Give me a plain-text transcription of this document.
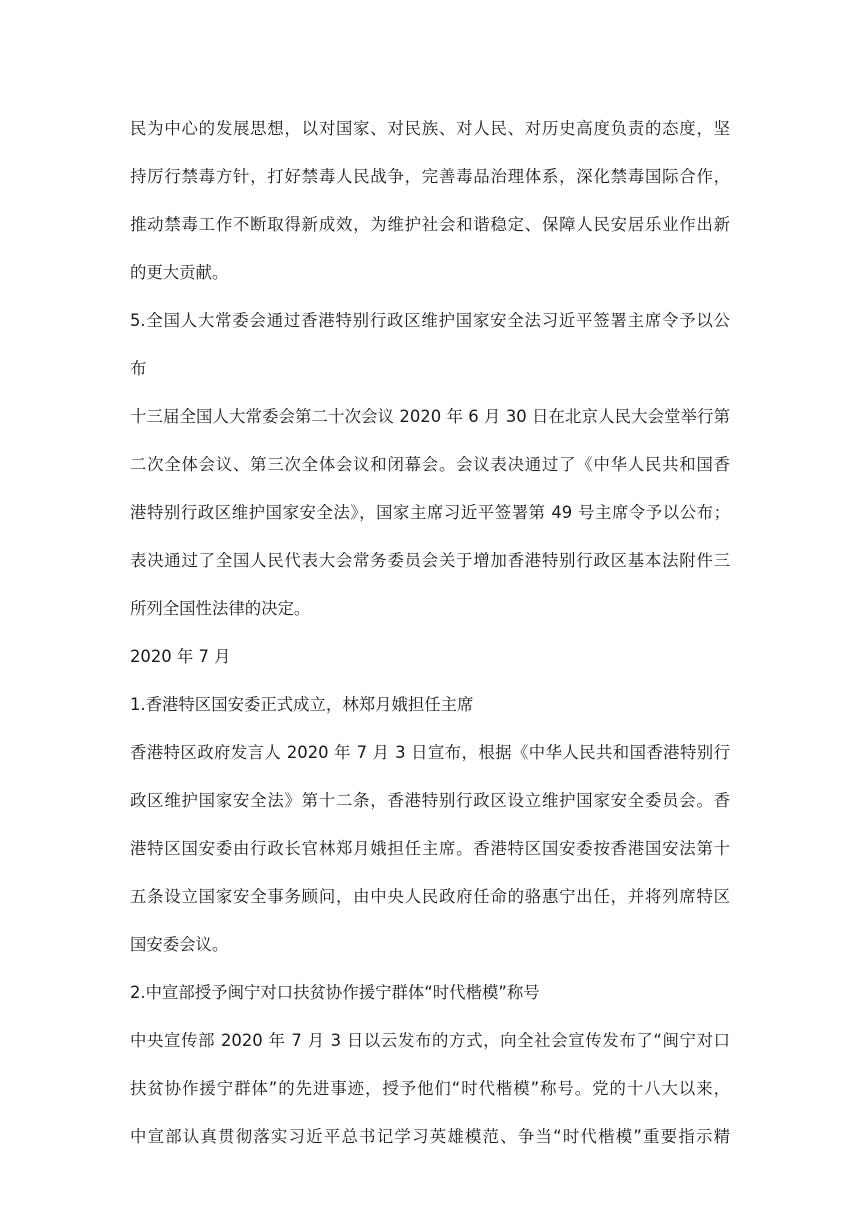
民为中心的发展思想，以对国家、对民族、对人民、对历史高度负责的态度，坚
持厉行禁毒方针，打好禁毒人民战争，完善毒品治理体系，深化禁毒国际合作，
推动禁毒工作不断取得新成效，为维护社会和谐稳定、保障人民安居乐业作出新
的更大贡献。
5.全国人大常委会通过香港特别行政区维护国家安全法习近平签署主席令予以公
布
十三届全国人大常委会第二十次会议 2020 年 6 月 30 日在北京人民大会堂举行第
二次全体会议、第三次全体会议和闭幕会。会议表决通过了《中华人民共和国香
港特别行政区维护国家安全法》，国家主席习近平签署第 49 号主席令予以公布；
表决通过了全国人民代表大会常务委员会关于增加香港特别行政区基本法附件三
所列全国性法律的决定。
2020 年 7 月
1.香港特区国安委正式成立，林郑月娥担任主席
香港特区政府发言人 2020 年 7 月 3 日宣布，根据《中华人民共和国香港特别行
政区维护国家安全法》第十二条，香港特别行政区设立维护国家安全委员会。香
港特区国安委由行政长官林郑月娥担任主席。香港特区国安委按香港国安法第十
五条设立国家安全事务顾问，由中央人民政府任命的骆惠宁出任，并将列席特区
国安委会议。
2.中宣部授予闽宁对口扶贫协作援宁群体“时代楷模”称号
中央宣传部 2020 年 7 月 3 日以云发布的方式，向全社会宣传发布了“闽宁对口
扶贫协作援宁群体”的先进事迹，授予他们“时代楷模”称号。党的十八大以来，
中宣部认真贯彻落实习近平总书记学习英雄模范、争当“时代楷模”重要指示精
